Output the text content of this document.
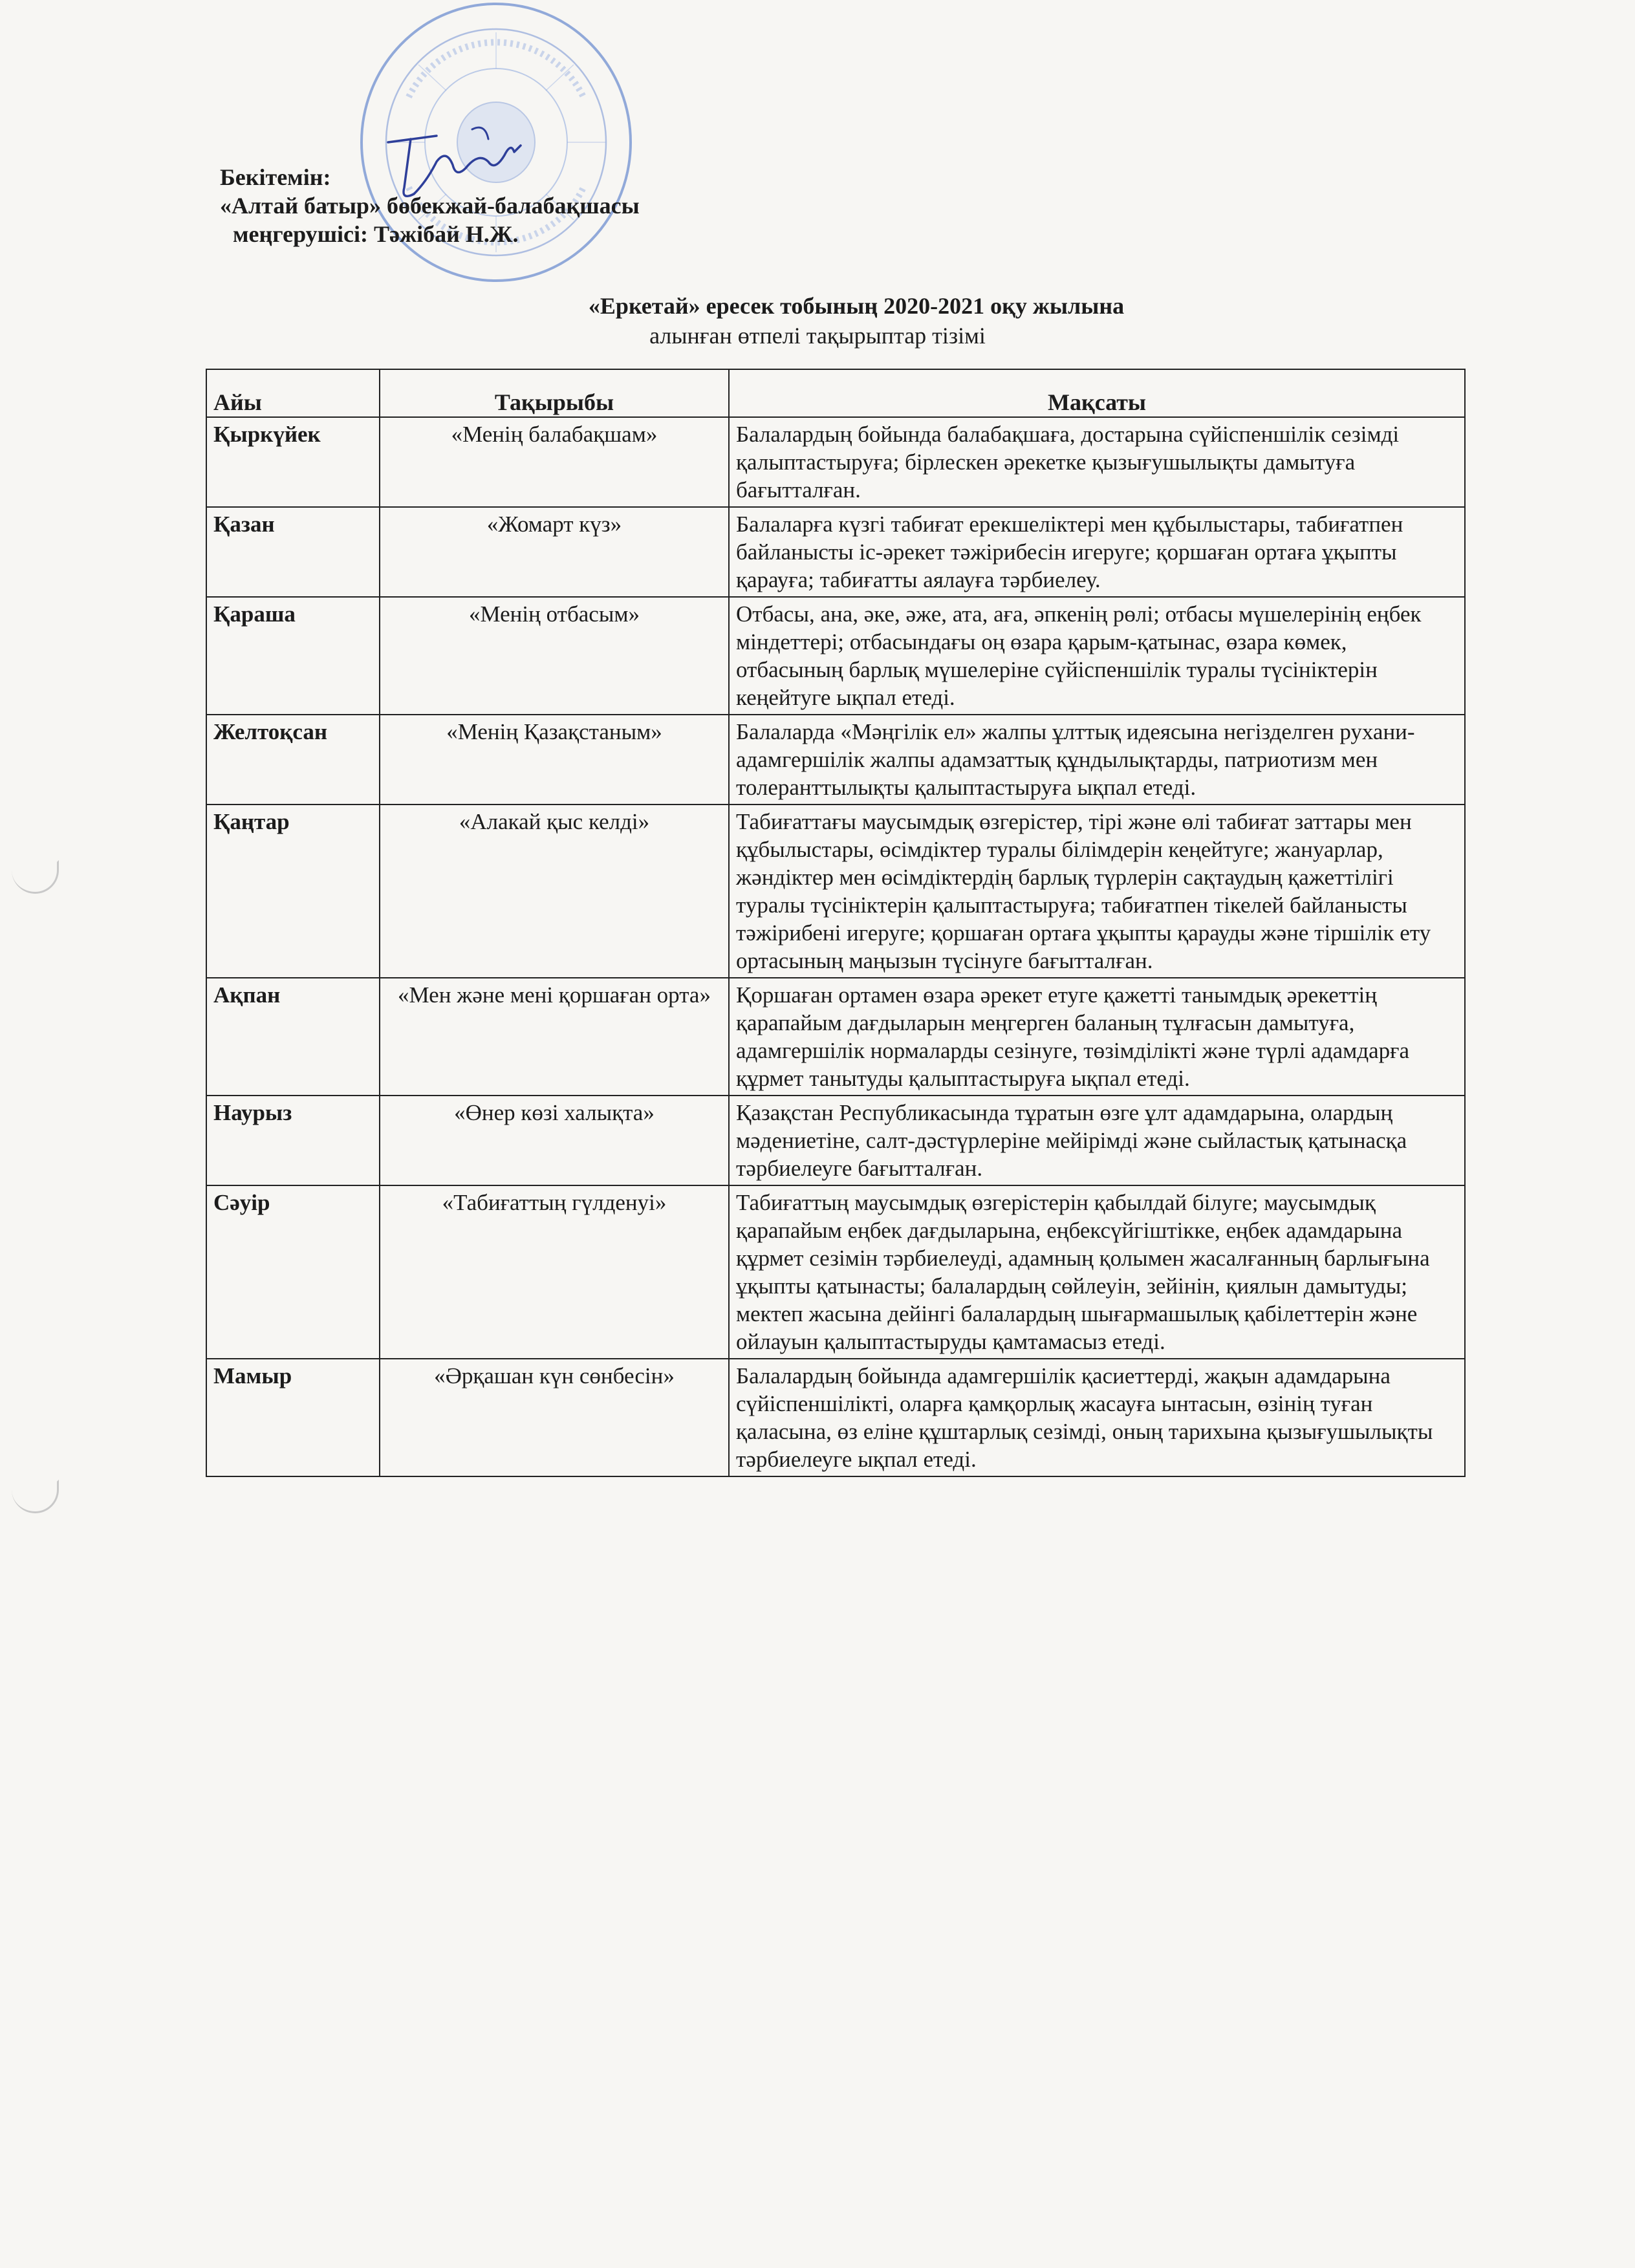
Бекітемін:
«Алтай батыр» бөбекжай-балабақшасы
меңгерушісі: Тәжібай Н.Ж.
«Еркетай» ересек тобының 2020-2021 оқу жылына
алынған өтпелі тақырыптар тізімі
Айы	Тақырыбы	Мақсаты
Қыркүйек	«Менің балабақшам»	Балалардың бойында балабақшаға, достарына сүйіспеншілік сезімді қалыптастыруға; бірлескен әрекетке қызығушылықты дамытуға бағытталған.
Қазан	«Жомарт күз»	Балаларға күзгі табиғат ерекшеліктері мен құбылыстары, табиғатпен байланысты іс-әрекет тәжірибесін игеруге; қоршаған ортаға ұқыпты қарауға; табиғатты аялауға тәрбиелеу.
Қараша	«Менің отбасым»	Отбасы, ана, әке, әже, ата, аға, әпкенің рөлі; отбасы мүшелерінің еңбек міндеттері; отбасындағы оң өзара қарым-қатынас, өзара көмек, отбасының барлық мүшелеріне сүйіспеншілік туралы түсініктерін кеңейтуге ықпал етеді.
Желтоқсан	«Менің Қазақстаным»	Балаларда «Мәңгілік ел» жалпы ұлттық идеясына негізделген рухани- адамгершілік жалпы адамзаттық құндылықтарды, патриотизм мен толеранттылықты қалыптастыруға ықпал етеді.
Қаңтар	«Алакай қыс келді»	Табиғаттағы маусымдық өзгерістер, тірі және өлі табиғат заттары мен құбылыстары, өсімдіктер туралы білімдерін кеңейтуге; жануарлар, жәндіктер мен өсімдіктердің барлық түрлерін сақтаудың қажеттілігі туралы түсініктерін қалыптастыруға; табиғатпен тікелей байланысты тәжірибені игеруге; қоршаған ортаға ұқыпты қарауды және тіршілік ету ортасының маңызын түсінуге бағытталған.
Ақпан	«Мен және мені қоршаған орта»	Қоршаған ортамен өзара әрекет етуге қажетті танымдық әрекеттің қарапайым дағдыларын меңгерген баланың тұлғасын дамытуға, адамгершілік нормаларды сезінуге, төзімділікті және түрлі адамдарға құрмет танытуды қалыптастыруға ықпал етеді.
Наурыз	«Өнер көзі халықта»	Қазақстан Республикасында тұратын өзге ұлт адамдарына, олардың мәдениетіне, салт-дәстүрлеріне мейірімді және сыйластық қатынасқа тәрбиелеуге бағытталған.
Сәуір	«Табиғаттың гүлденуі»	Табиғаттың маусымдық өзгерістерін қабылдай білуге; маусымдық қарапайым еңбек дағдыларына, еңбексүйгіштікке, еңбек адамдарына құрмет сезімін тәрбиелеуді, адамның қолымен жасалғанның барлығына ұқыпты қатынасты; балалардың сөйлеуін, зейінін, қиялын дамытуды; мектеп жасына дейінгі балалардың шығармашылық қабілеттерін және ойлауын қалыптастыруды қамтамасыз етеді.
Мамыр	«Әрқашан күн сөнбесін»	Балалардың бойында адамгершілік қасиеттерді, жақын адамдарына сүйіспеншілікті, оларға қамқорлық жасауға ынтасын, өзінің туған қаласына, өз еліне құштарлық сезімді, оның тарихына қызығушылықты тәрбиелеуге ықпал етеді.
